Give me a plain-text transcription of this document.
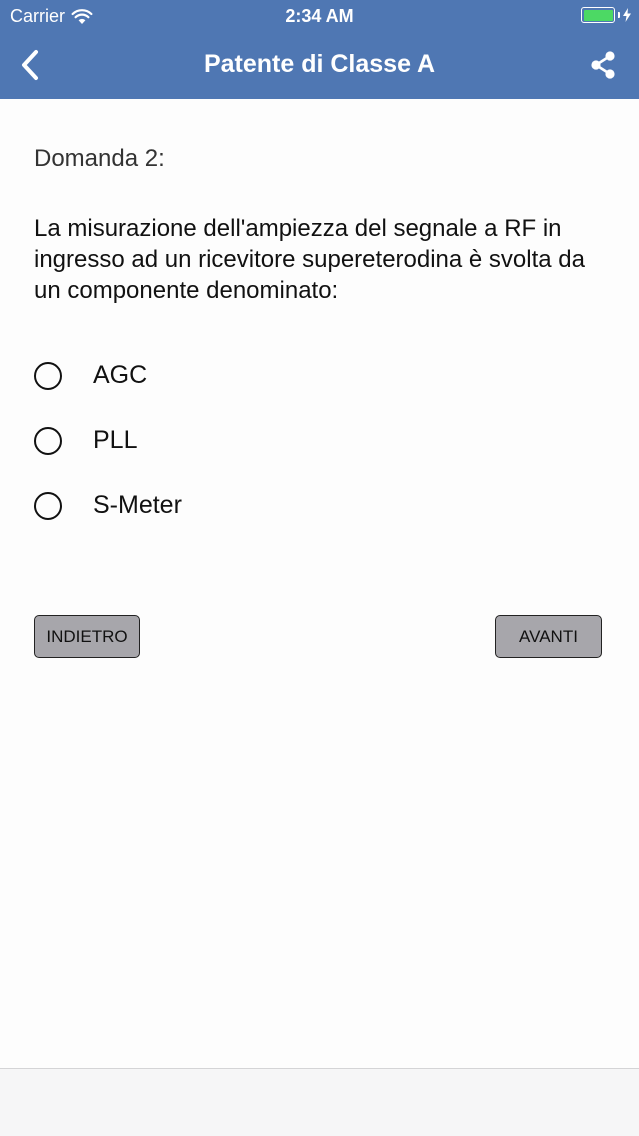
Carrier	2:34 AM
Patente di Classe A
Domanda 2:
La misurazione dell'ampiezza del segnale a RF in ingresso ad un ricevitore supereterodina è svolta da un componente denominato:
AGC
PLL
S-Meter
INDIETRO	AVANTI
